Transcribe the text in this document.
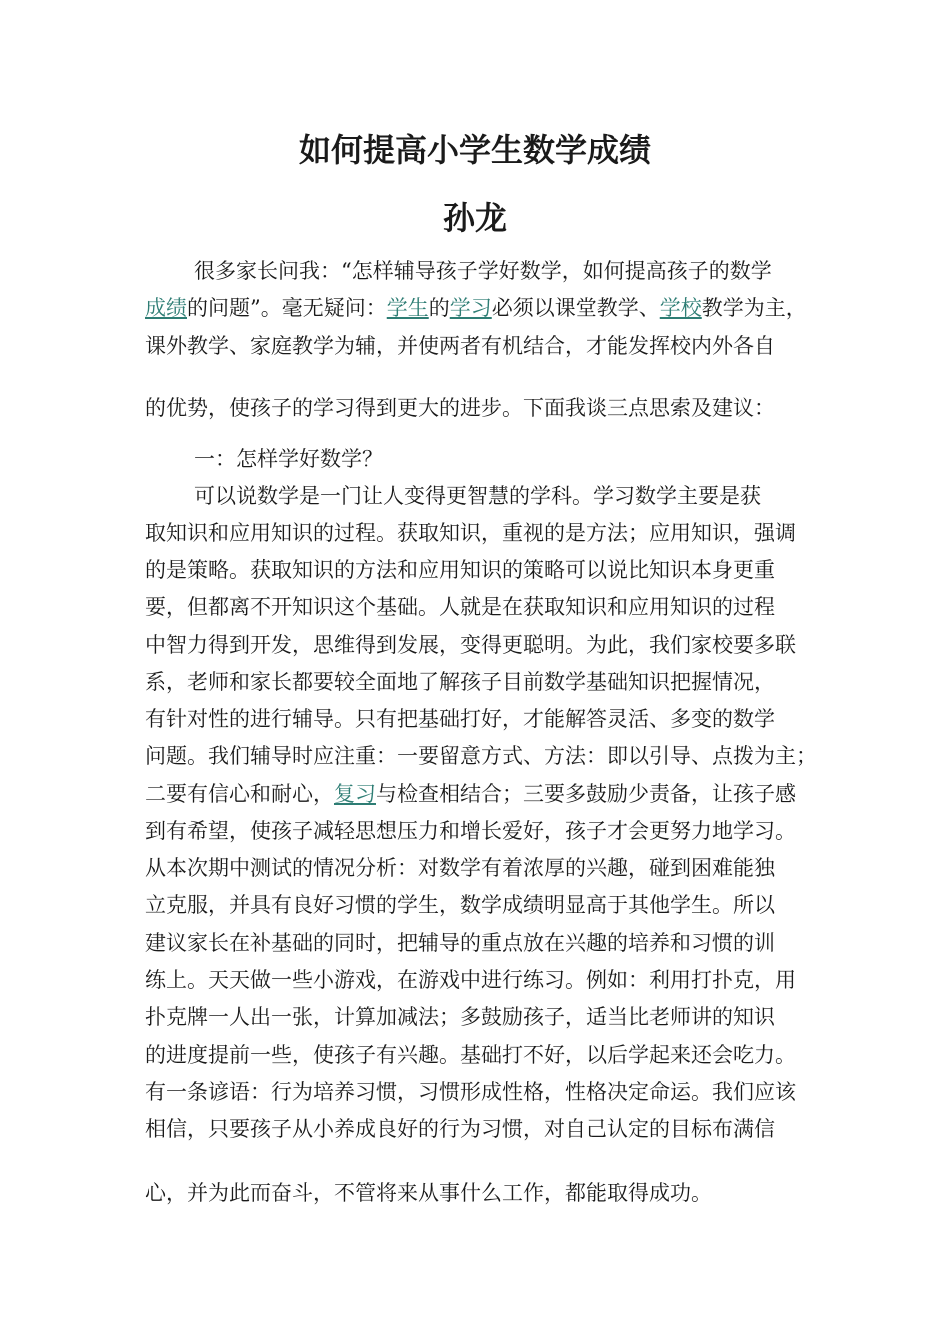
如何提高小学生数学成绩
孙龙

很多家长问我：“怎样辅导孩子学好数学，如何提高孩子的数学

成绩的问题”。毫无疑问：学生的学习必须以课堂教学、学校教学为主，

课外教学、家庭教学为辅，并使两者有机结合，才能发挥校内外各自

的优势，使孩子的学习得到更大的进步。下面我谈三点思索及建议：

一：怎样学好数学？

可以说数学是一门让人变得更智慧的学科。学习数学主要是获

取知识和应用知识的过程。获取知识，重视的是方法；应用知识，强调

的是策略。获取知识的方法和应用知识的策略可以说比知识本身更重

要，但都离不开知识这个基础。人就是在获取知识和应用知识的过程

中智力得到开发，思维得到发展，变得更聪明。为此，我们家校要多联

系，老师和家长都要较全面地了解孩子目前数学基础知识把握情况，

有针对性的进行辅导。只有把基础打好，才能解答灵活、多变的数学

问题。我们辅导时应注重：一要留意方式、方法：即以引导、点拨为主；

二要有信心和耐心，复习与检查相结合；三要多鼓励少责备，让孩子感

到有希望，使孩子减轻思想压力和增长爱好，孩子才会更努力地学习。

从本次期中测试的情况分析：对数学有着浓厚的兴趣，碰到困难能独

立克服，并具有良好习惯的学生，数学成绩明显高于其他学生。所以

建议家长在补基础的同时，把辅导的重点放在兴趣的培养和习惯的训

练上。天天做一些小游戏，在游戏中进行练习。例如：利用打扑克，用

扑克牌一人出一张，计算加减法；多鼓励孩子，适当比老师讲的知识

的进度提前一些，使孩子有兴趣。基础打不好，以后学起来还会吃力。

有一条谚语：行为培养习惯，习惯形成性格，性格决定命运。我们应该

相信，只要孩子从小养成良好的行为习惯，对自己认定的目标布满信

心，并为此而奋斗，不管将来从事什么工作，都能取得成功。
